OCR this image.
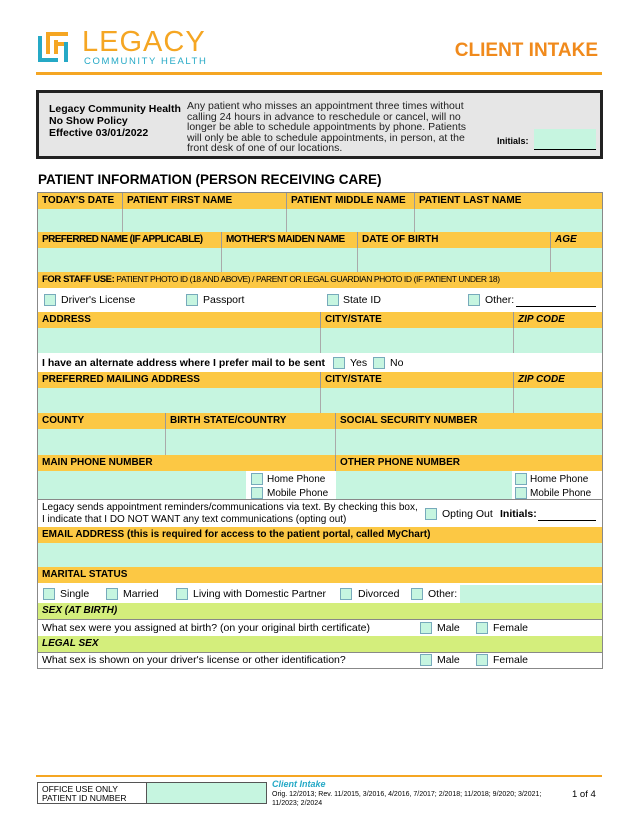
LEGACY
COMMUNITY HEALTH
CLIENT INTAKE
Legacy Community Health
No Show Policy
Effective 03/01/2022
Any patient who misses an appointment three times without calling 24 hours in advance to reschedule or cancel, will no longer be able to schedule appointments by phone. Patients will only be able to schedule appointments, in person, at the front desk of one of our locations.
Initials:
PATIENT INFORMATION (PERSON RECEIVING CARE)
TODAY'S DATE	PATIENT FIRST NAME	PATIENT MIDDLE NAME	PATIENT LAST NAME
PREFERRED NAME (IF APPLICABLE)	MOTHER'S MAIDEN NAME	DATE OF BIRTH	AGE
FOR STAFF USE: PATIENT PHOTO ID (18 AND ABOVE) / PARENT OR LEGAL GUARDIAN PHOTO ID (IF PATIENT UNDER 18)
Driver's License	Passport	State ID	Other:
ADDRESS	CITY/STATE	ZIP CODE
I have an alternate address where I prefer mail to be sent Yes No
PREFERRED MAILING ADDRESS	CITY/STATE	ZIP CODE
COUNTY	BIRTH STATE/COUNTRY	SOCIAL SECURITY NUMBER
MAIN PHONE NUMBER	OTHER PHONE NUMBER
Home Phone
Mobile Phone
Home Phone
Mobile Phone
Legacy sends appointment reminders/communications via text. By checking this box, I indicate that I DO NOT WANT any text communications (opting out)	Opting Out Initials:
EMAIL ADDRESS (this is required for access to the patient portal, called MyChart)
MARITAL STATUS
Single	Married	Living with Domestic Partner	Divorced	Other:
SEX (AT BIRTH)
What sex were you assigned at birth? (on your original birth certificate)	Male	Female
LEGAL SEX
What sex is shown on your driver's license or other identification?	Male	Female
OFFICE USE ONLY
PATIENT ID NUMBER
Client Intake
Orig. 12/2013; Rev. 11/2015, 3/2016, 4/2016, 7/2017; 2/2018; 11/2018; 9/2020; 3/2021; 11/2023; 2/2024
1 of 4
